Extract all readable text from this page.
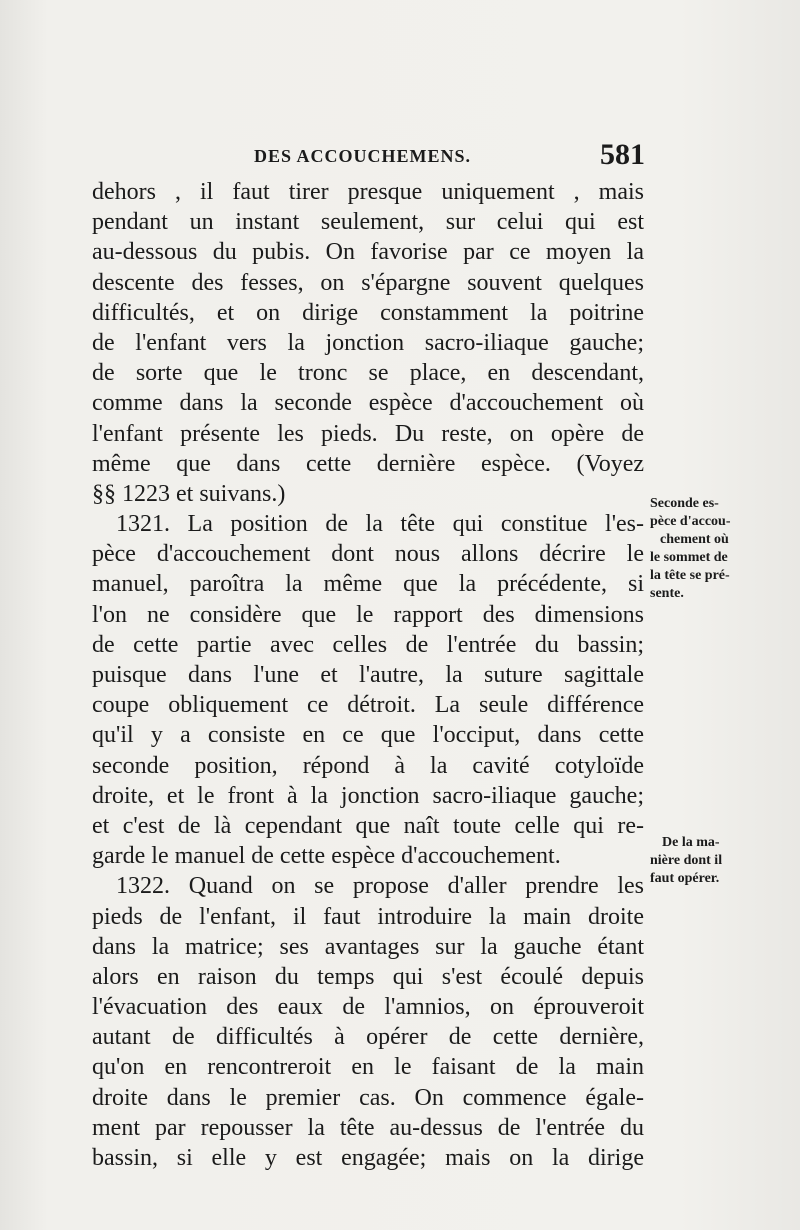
DES ACCOUCHEMENS.	581
dehors , il faut tirer presque uniquement , mais
pendant un instant seulement, sur celui qui est
au-dessous du pubis. On favorise par ce moyen la
descente des fesses, on s'épargne souvent quelques
difficultés, et on dirige constamment la poitrine
de l'enfant vers la jonction sacro-iliaque gauche;
de sorte que le tronc se place, en descendant,
comme dans la seconde espèce d'accouchement où
l'enfant présente les pieds. Du reste, on opère de
même que dans cette dernière espèce. (Voyez
§§ 1223 et suivans.)
1321. La position de la tête qui constitue l'es-
pèce d'accouchement dont nous allons décrire le
manuel, paroîtra la même que la précédente, si
l'on ne considère que le rapport des dimensions
de cette partie avec celles de l'entrée du bassin;
puisque dans l'une et l'autre, la suture sagittale
coupe obliquement ce détroit. La seule différence
qu'il y a consiste en ce que l'occiput, dans cette
seconde position, répond à la cavité cotyloïde
droite, et le front à la jonction sacro-iliaque gauche;
et c'est de là cependant que naît toute celle qui re-
garde le manuel de cette espèce d'accouchement.
1322. Quand on se propose d'aller prendre les
pieds de l'enfant, il faut introduire la main droite
dans la matrice; ses avantages sur la gauche étant
alors en raison du temps qui s'est écoulé depuis
l'évacuation des eaux de l'amnios, on éprouveroit
autant de difficultés à opérer de cette dernière,
qu'on en rencontreroit en le faisant de la main
droite dans le premier cas. On commence égale-
ment par repousser la tête au-dessus de l'entrée du
bassin, si elle y est engagée; mais on la dirige
Seconde es-
pèce d'accou-
chement où
le sommet de
la tête se pré-
sente.
De la ma-
nière dont il
faut opérer.
